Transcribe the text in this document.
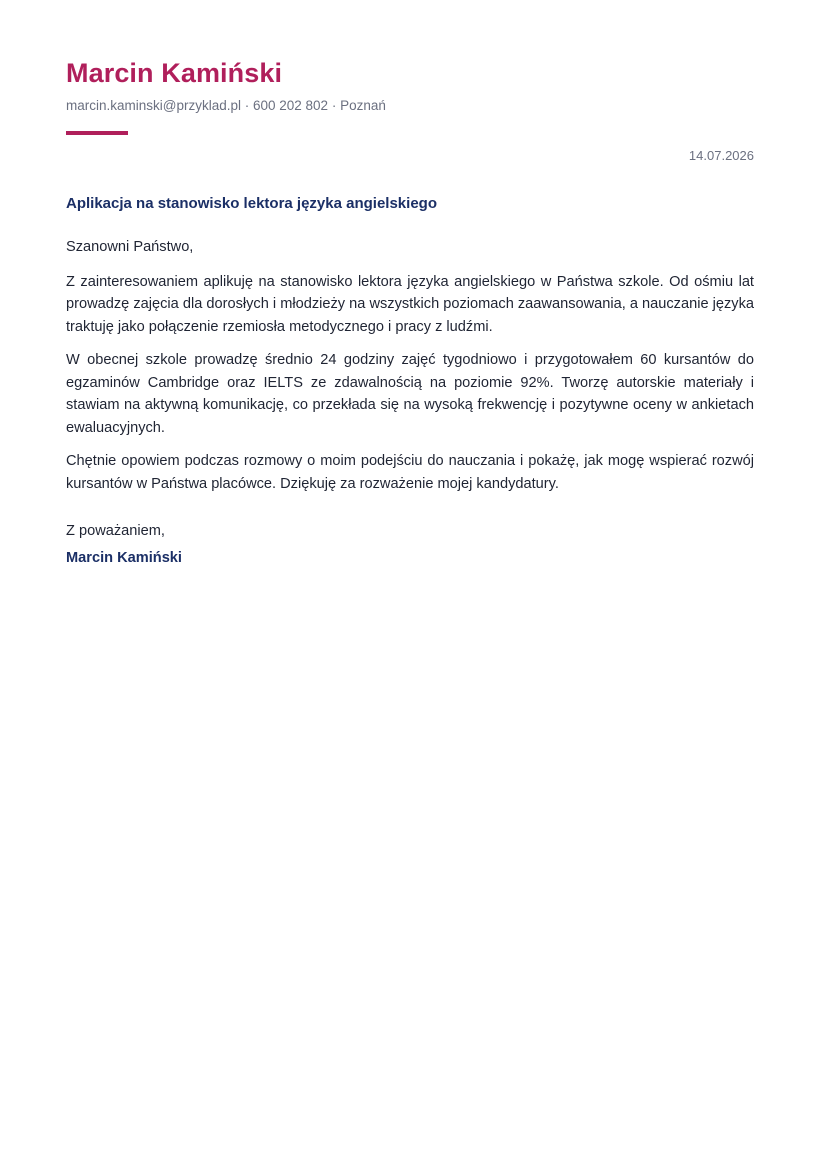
Marcin Kamiński
marcin.kaminski@przyklad.pl · 600 202 802 · Poznań
14.07.2026
Aplikacja na stanowisko lektora języka angielskiego

Szanowni Państwo,

Z zainteresowaniem aplikuję na stanowisko lektora języka angielskiego w Państwa szkole. Od ośmiu lat prowadzę zajęcia dla dorosłych i młodzieży na wszystkich poziomach zaawansowania, a nauczanie języka traktuję jako połączenie rzemiosła metodycznego i pracy z ludźmi.

W obecnej szkole prowadzę średnio 24 godziny zajęć tygodniowo i przygotowałem 60 kursantów do egzaminów Cambridge oraz IELTS ze zdawalnością na poziomie 92%. Tworzę autorskie materiały i stawiam na aktywną komunikację, co przekłada się na wysoką frekwencję i pozytywne oceny w ankietach ewaluacyjnych.

Chętnie opowiem podczas rozmowy o moim podejściu do nauczania i pokażę, jak mogę wspierać rozwój kursantów w Państwa placówce. Dziękuję za rozważenie mojej kandydatury.

Z poważaniem,

Marcin Kamiński
